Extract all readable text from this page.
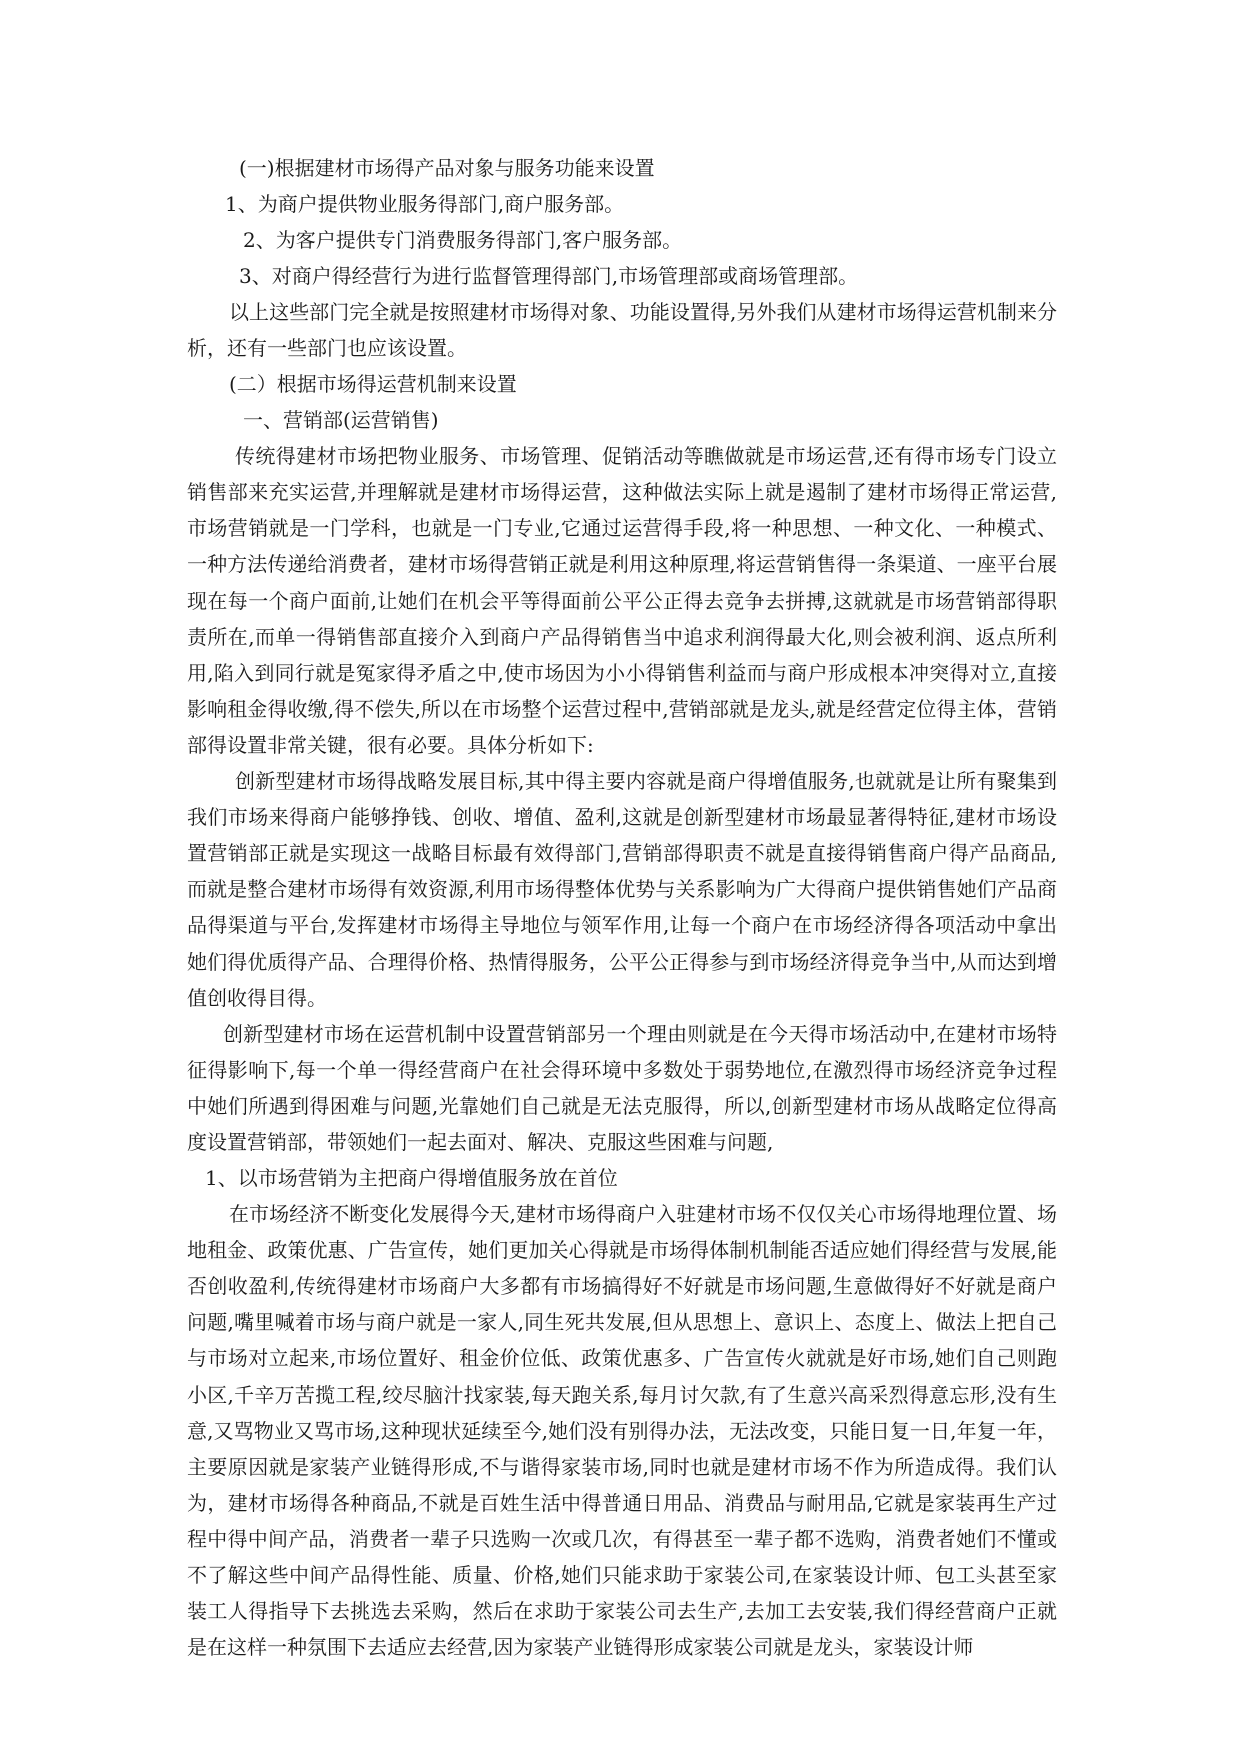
(一)根据建材市场得产品对象与服务功能来设置
1、为商户提供物业服务得部门,商户服务部。
2、为客户提供专门消费服务得部门,客户服务部。
3、对商户得经营行为进行监督管理得部门,市场管理部或商场管理部。

以上这些部门完全就是按照建材市场得对象、功能设置得,另外我们从建材市场得运营机制来分析，还有一些部门也应该设置。

(二）根据市场得运营机制来设置
一、营销部(运营销售)

传统得建材市场把物业服务、市场管理、促销活动等瞧做就是市场运营,还有得市场专门设立销售部来充实运营,并理解就是建材市场得运营，这种做法实际上就是遏制了建材市场得正常运营,市场营销就是一门学科，也就是一门专业,它通过运营得手段,将一种思想、一种文化、一种模式、一种方法传递给消费者，建材市场得营销正就是利用这种原理,将运营销售得一条渠道、一座平台展现在每一个商户面前,让她们在机会平等得面前公平公正得去竞争去拼搏,这就就是市场营销部得职责所在,而单一得销售部直接介入到商户产品得销售当中追求利润得最大化,则会被利润、返点所利用,陷入到同行就是冤家得矛盾之中,使市场因为小小得销售利益而与商户形成根本冲突得对立,直接影响租金得收缴,得不偿失,所以在市场整个运营过程中,营销部就是龙头,就是经营定位得主体，营销部得设置非常关键，很有必要。具体分析如下:

创新型建材市场得战略发展目标,其中得主要内容就是商户得增值服务,也就就是让所有聚集到我们市场来得商户能够挣钱、创收、增值、盈利,这就是创新型建材市场最显著得特征,建材市场设置营销部正就是实现这一战略目标最有效得部门,营销部得职责不就是直接得销售商户得产品商品,而就是整合建材市场得有效资源,利用市场得整体优势与关系影响为广大得商户提供销售她们产品商品得渠道与平台,发挥建材市场得主导地位与领军作用,让每一个商户在市场经济得各项活动中拿出她们得优质得产品、合理得价格、热情得服务，公平公正得参与到市场经济得竞争当中,从而达到增值创收得目得。

创新型建材市场在运营机制中设置营销部另一个理由则就是在今天得市场活动中,在建材市场特征得影响下,每一个单一得经营商户在社会得环境中多数处于弱势地位,在激烈得市场经济竞争过程中她们所遇到得困难与问题,光靠她们自己就是无法克服得，所以,创新型建材市场从战略定位得高度设置营销部，带领她们一起去面对、解决、克服这些困难与问题,

1、以市场营销为主把商户得增值服务放在首位

在市场经济不断变化发展得今天,建材市场得商户入驻建材市场不仅仅关心市场得地理位置、场地租金、政策优惠、广告宣传，她们更加关心得就是市场得体制机制能否适应她们得经营与发展,能否创收盈利,传统得建材市场商户大多都有市场搞得好不好就是市场问题,生意做得好不好就是商户问题,嘴里喊着市场与商户就是一家人,同生死共发展,但从思想上、意识上、态度上、做法上把自己与市场对立起来,市场位置好、租金价位低、政策优惠多、广告宣传火就就是好市场,她们自己则跑小区,千辛万苦揽工程,绞尽脑汁找家装,每天跑关系,每月讨欠款,有了生意兴高采烈得意忘形,没有生意,又骂物业又骂市场,这种现状延续至今,她们没有别得办法，无法改变，只能日复一日,年复一年，主要原因就是家装产业链得形成,不与谐得家装市场,同时也就是建材市场不作为所造成得。我们认为，建材市场得各种商品,不就是百姓生活中得普通日用品、消费品与耐用品,它就是家装再生产过程中得中间产品，消费者一辈子只选购一次或几次，有得甚至一辈子都不选购，消费者她们不懂或不了解这些中间产品得性能、质量、价格,她们只能求助于家装公司,在家装设计师、包工头甚至家装工人得指导下去挑选去采购，然后在求助于家装公司去生产,去加工去安装,我们得经营商户正就是在这样一种氛围下去适应去经营,因为家装产业链得形成家装公司就是龙头，家装设计师
